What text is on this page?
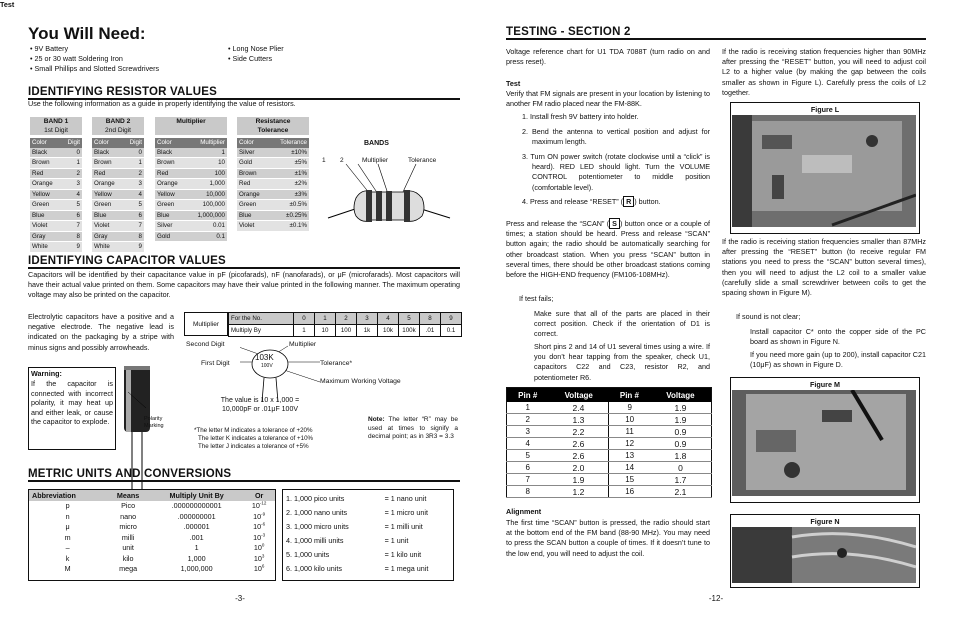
You Will Need:
• 9V Battery
• 25 or 30 watt Soldering Iron
• Small Phillips and Slotted Screwdrivers
• Long Nose Plier
• Side Cutters
IDENTIFYING RESISTOR VALUES
Use the following information as a guide in properly identifying the value of resistors.
BAND 1
1st Digit
Color	Digit
Black	0
Brown	1
Red	2
Orange	3
Yellow	4
Green	5
Blue	6
Violet	7
Gray	8
White	9
BAND 2
2nd Digit
Color	Digit
Black	0
Brown	1
Red	2
Orange	3
Yellow	4
Green	5
Blue	6
Violet	7
Gray	8
White	9
Multiplier
Color	Multiplier
Black	1
Brown	10
Red	100
Orange	1,000
Yellow	10,000
Green	100,000
Blue	1,000,000
Silver	0.01
Gold	0.1
Resistance
Tolerance
Color	Tolerance
Silver	±10%
Gold	±5%
Brown	±1%
Red	±2%
Orange	±3%
Green	±0.5%
Blue	±0.25%
Violet	±0.1%
BANDS
1 2	Multiplier	Tolerance
IDENTIFYING CAPACITOR VALUES
Capacitors will be identified by their capacitance value in pF (picofarads), nF (nanofarads), or μF (microfarads). Most capacitors will have their actual value printed on them. Some capacitors may have their value printed in the following manner. The maximum operating voltage may also be printed on the capacitor.
Electrolytic capacitors have a positive and a negative electrode. The negative lead is indicated on the packaging by a stripe with minus signs and possibly arrowheads.
Warning:
If the capacitor is connected with incorrect polarity, it may heat up and either leak, or cause the capacitor to explode.	Polarity Marking
Multiplier
For the No.	0	1	2	3	4	5	8	9
Multiply By	1	10	100	1k	10k	100k	.01	0.1
Second Digit	Multiplier
First Digit	Tolerance*
Maximum Working Voltage
103K
100V
The value is 10 x 1,000 =
10,000pF or .01μF 100V
*The letter M indicates a tolerance of +20%
The letter K indicates a tolerance of +10%
The letter J indicates a tolerance of +5%
Note: The letter “R” may be used at times to signify a decimal point; as in 3R3 = 3.3
METRIC UNITS AND CONVERSIONS
Abbreviation	Means	Multiply Unit By	Or
p	Pico	.000000000001	$10^{-12}$
n	nano	.000000001	$10^{-9}$
μ	micro	.000001	$10^{-6}$
m	milli	.001	$10^{-3}$
–	unit	1	$10^0$
k	kilo	1,000	$10^3$
M	mega	1,000,000	$10^6$
1. 1,000 pico units	= 1 nano unit
2. 1,000 nano units	= 1 micro unit
3. 1,000 micro units	= 1 milli unit
4. 1,000 milli units	= 1 unit
5. 1,000 units	= 1 kilo unit
6. 1,000 kilo units	= 1 mega unit
-3-
TESTING - SECTION 2
Voltage reference chart for U1 TDA 7088T (turn radio on and press reset).
Test
Test
Verify that FM signals are present in your location by listening to another FM radio placed near the FM-88K.
1. Install fresh 9V battery into holder.
2. Bend the antenna to vertical position and adjust for maximum length.
3. Turn ON power switch (rotate clockwise until a “click” is heard). RED LED should light. Turn the VOLUME CONTROL potentiometer to middle position (comfortable level).
4. Press and release “RESET” ( R ) button.
Press and release the “SCAN” ( S ) button once or a couple of times; a station should be heard. Press and release “SCAN” button again; the radio should be automatically searching for other broadcast station. When you press “SCAN” button in several times, there should be other broadcast stations coming before the HIGH-END frequency (FM106-108MHz).
If test fails;
Make sure that all of the parts are placed in their correct position. Check if the orientation of D1 is correct.
Short pins 2 and 14 of U1 several times using a wire. If you don’t hear tapping from the speaker, check U1, capacitors C22 and C23, resistor R2, and potentiometer R6.
Pin #	Voltage	Pin #	Voltage
1	2.4	9	1.9
2	1.3	10	1.9
3	2.2	11	0.9
4	2.6	12	0.9
5	2.6	13	1.8
6	2.0	14	0
7	1.9	15	1.7
8	1.2	16	2.1
Alignment
The first time “SCAN” button is pressed, the radio should start at the bottom end of the FM band (88-90 MHz). You may need to press the SCAN button a couple of times. If it doesn’t tune to the low end, you will need to adjust the coil.
If the radio is receiving station frequencies higher than 90MHz after pressing the “RESET” button, you will need to adjust coil L2 to a higher value (by making the gap between the coils smaller as shown in Figure L). Carefully press the coils of L2 together.
Figure L
If the radio is receiving station frequencies smaller than 87MHz after pressing the “RESET” button (to receive regular FM stations you need to press the “SCAN” button several times), then you will need to adjust the L2 coil to a smaller value (carefully slide a small screwdriver between coils to get the spacing shown in Figure M).
If sound is not clear;
Install capacitor C* onto the copper side of the PC board as shown in Figure N.
If you need more gain (up to 200), install capacitor C21 (10μF) as shown in Figure D.
Figure M
Figure N
-12-
